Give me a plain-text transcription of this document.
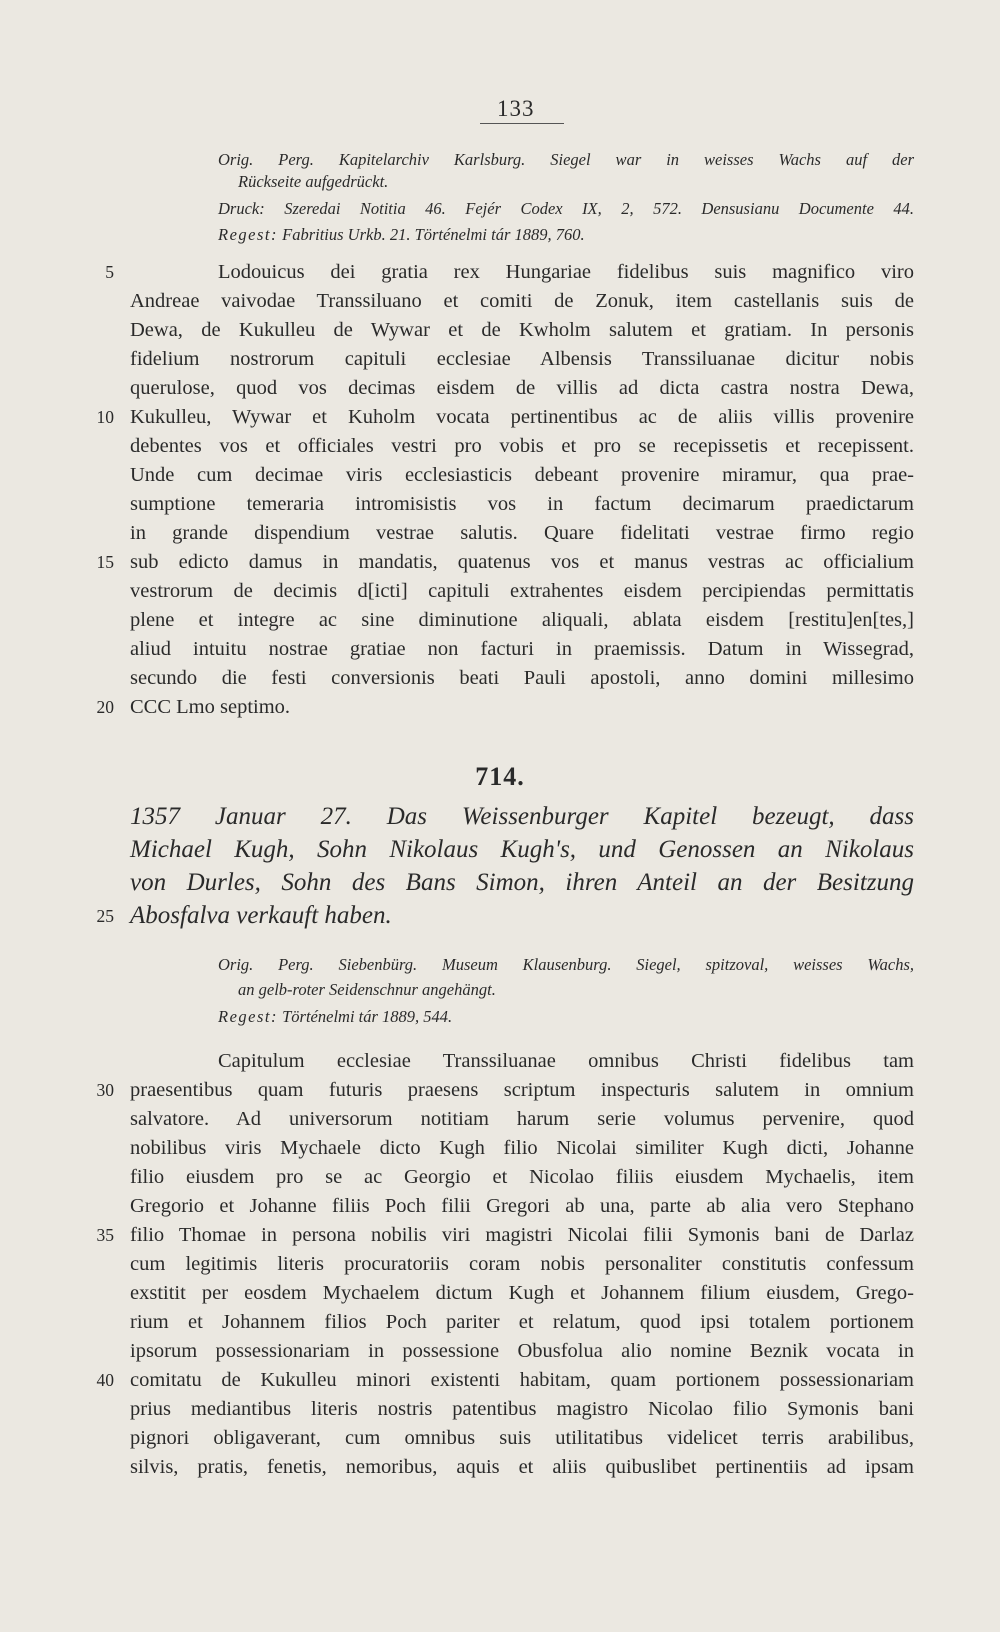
133
Orig. Perg. Kapitelarchiv Karlsburg. Siegel war in weisses Wachs auf der
Rückseite aufgedrückt.
Druck: Szeredai Notitia 46. Fejér Codex IX, 2, 572. Densusianu Documente 44.
Regest: Fabritius Urkb. 21. Történelmi tár 1889, 760.
Lodouicus dei gratia rex Hungariae fidelibus suis magnifico viro
Andreae vaivodae Transsiluano et comiti de Zonuk, item castellanis suis de
Dewa, de Kukulleu de Wywar et de Kwholm salutem et gratiam. In personis
fidelium nostrorum capituli ecclesiae Albensis Transsiluanae dicitur nobis
querulose, quod vos decimas eisdem de villis ad dicta castra nostra Dewa,
Kukulleu, Wywar et Kuholm vocata pertinentibus ac de aliis villis provenire
debentes vos et officiales vestri pro vobis et pro se recepissetis et recepissent.
Unde cum decimae viris ecclesiasticis debeant provenire miramur, qua prae-
sumptione temeraria intromisistis vos in factum decimarum praedictarum
in grande dispendium vestrae salutis. Quare fidelitati vestrae firmo regio
sub edicto damus in mandatis, quatenus vos et manus vestras ac officialium
vestrorum de decimis d[icti] capituli extrahentes eisdem percipiendas permittatis
plene et integre ac sine diminutione aliquali, ablata eisdem [restitu]en[tes,]
aliud intuitu nostrae gratiae non facturi in praemissis. Datum in Wissegrad,
secundo die festi conversionis beati Pauli apostoli, anno domini millesimo
CCC Lmo septimo.
714.
1357 Januar 27. Das Weissenburger Kapitel bezeugt, dass
Michael Kugh, Sohn Nikolaus Kugh's, und Genossen an Nikolaus
von Durles, Sohn des Bans Simon, ihren Anteil an der Besitzung
Abosfalva verkauft haben.
Orig. Perg. Siebenbürg. Museum Klausenburg. Siegel, spitzoval, weisses Wachs,
an gelb-roter Seidenschnur angehängt.
Regest: Történelmi tár 1889, 544.
Capitulum ecclesiae Transsiluanae omnibus Christi fidelibus tam
praesentibus quam futuris praesens scriptum inspecturis salutem in omnium
salvatore. Ad universorum notitiam harum serie volumus pervenire, quod
nobilibus viris Mychaele dicto Kugh filio Nicolai similiter Kugh dicti, Johanne
filio eiusdem pro se ac Georgio et Nicolao filiis eiusdem Mychaelis, item
Gregorio et Johanne filiis Poch filii Gregori ab una, parte ab alia vero Stephano
filio Thomae in persona nobilis viri magistri Nicolai filii Symonis bani de Darlaz
cum legitimis literis procuratoriis coram nobis personaliter constitutis confessum
exstitit per eosdem Mychaelem dictum Kugh et Johannem filium eiusdem, Grego-
rium et Johannem filios Poch pariter et relatum, quod ipsi totalem portionem
ipsorum possessionariam in possessione Obusfolua alio nomine Beznik vocata in
comitatu de Kukulleu minori existenti habitam, quam portionem possessionariam
prius mediantibus literis nostris patentibus magistro Nicolao filio Symonis bani
pignori obligaverant, cum omnibus suis utilitatibus videlicet terris arabilibus,
silvis, pratis, fenetis, nemoribus, aquis et aliis quibuslibet pertinentiis ad ipsam
5
10
15
20
25
30
35
40
